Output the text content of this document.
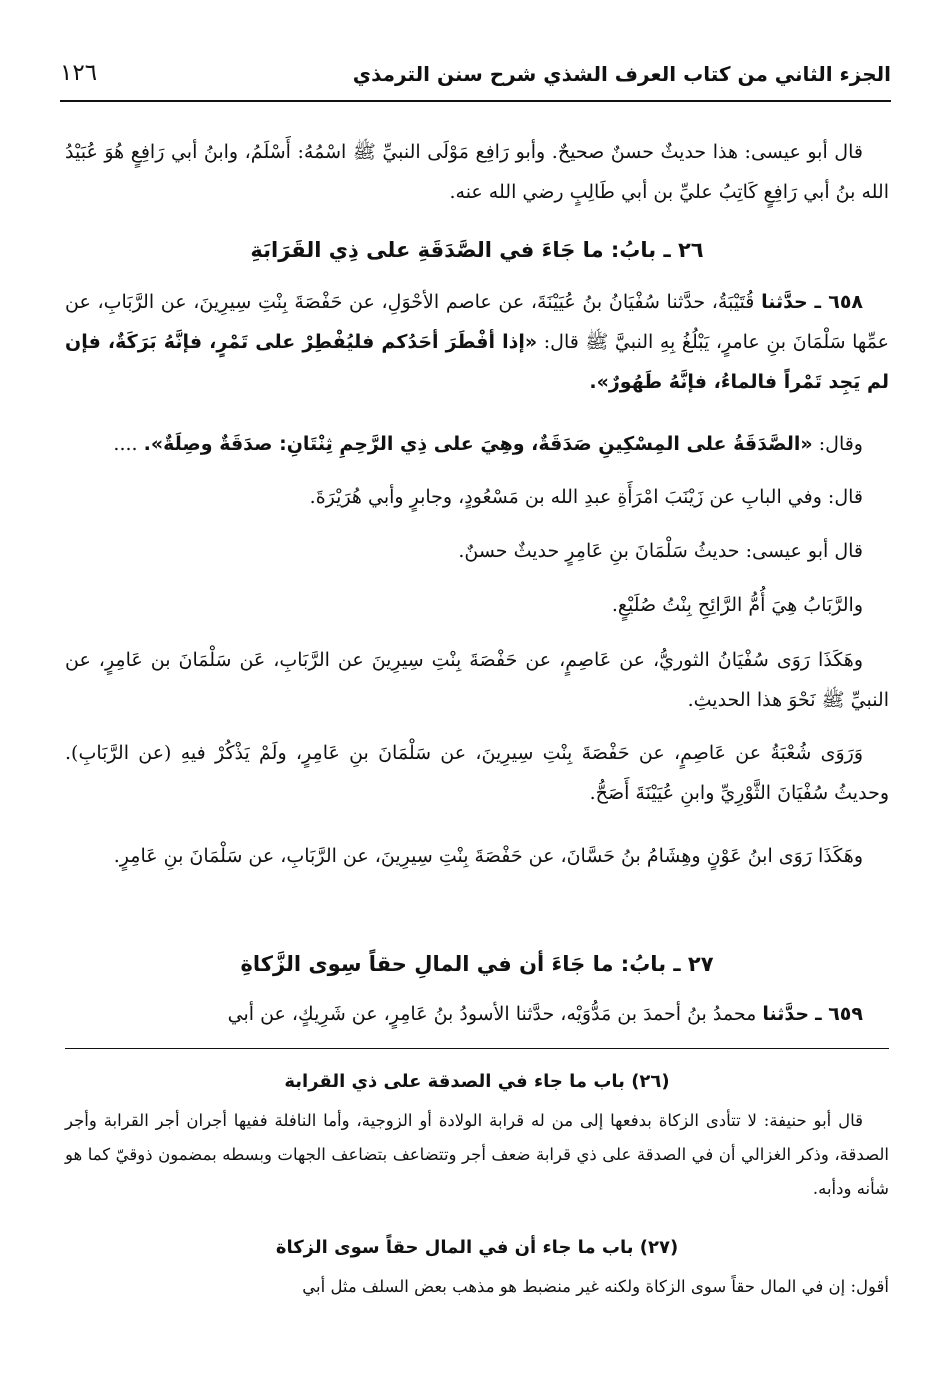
الجزء الثاني من كتاب العرف الشذي شرح سنن الترمذي
١٢٦
قال أبو عيسى: هذا حديثٌ حسنٌ صحيحٌ. وأبو رَافِع مَوْلَى النبيِّ ﷺ اسْمُهُ: أَسْلَمُ، وابنُ أبي رَافِعٍ هُوَ عُبَيْدُ الله بنُ أبي رَافِعٍ كَاتِبُ عليِّ بن أبي طَالِبٍ رضي الله عنه.
٢٦ ـ بابُ: ما جَاءَ في الصَّدَقَةِ على ذِي القَرَابَةِ
٦٥٨ ـ حدَّثنا قُتَيْبَةُ، حدَّثنا سُفْيَانُ بنُ عُيَيْنَةَ، عن عاصم الأحْوَلِ، عن حَفْصَةَ بِنْتِ سِيرِينَ، عن الرَّبَابِ، عن عمِّها سَلْمَانَ بنِ عامرٍ، يَبْلُغُ بِهِ النبيَّ ﷺ قال: «إذا أفْطَرَ أحَدُكم فليُفْطِرْ على تَمْرٍ، فإنَّهُ بَرَكَةٌ، فإن لم يَجِد تَمْراً فالماءُ، فإنَّهُ طَهُورٌ».
وقال: «الصَّدَقَةُ على المِسْكِينِ صَدَقَةٌ، وهِيَ على ذِي الرَّحِمِ ثِنْتَانِ: صدَقَةٌ وصِلَةٌ». ....
قال: وفي البابِ عن زَيْنَبَ امْرَأَةِ عبدِ الله بن مَسْعُودٍ، وجابرٍ وأبي هُرَيْرَةَ.
قال أبو عيسى: حديثُ سَلْمَانَ بنِ عَامِرٍ حديثٌ حسنٌ.
والرَّبَابُ هِيَ أُمُّ الرَّائِحِ بِنْتُ صُلَيْعٍ.
وهَكَذَا رَوَى سُفْيَانُ الثوريُّ، عن عَاصِمٍ، عن حَفْصَةَ بِنْتِ سِيرِينَ عن الرَّبَابِ، عَن سَلْمَانَ بن عَامِرٍ، عن النبيِّ ﷺ نَحْوَ هذا الحديثِ.
وَرَوَى شُعْبَةُ عن عَاصِمٍ، عن حَفْصَةَ بِنْتِ سِيرِينَ، عن سَلْمَانَ بنِ عَامِرٍ، ولَمْ يَذْكُرْ فيهِ (عن الرَّبَابِ). وحديثُ سُفْيَانَ الثَّوْرِيِّ وابنِ عُيَيْنَةَ أَصَحُّ.
وهَكَذَا رَوَى ابنُ عَوْنٍ وهِشَامُ بنُ حَسَّانَ، عن حَفْصَةَ بِنْتِ سِيرِينَ، عن الرَّبَابِ، عن سَلْمَانَ بنِ عَامِرٍ.
٢٧ ـ بابُ: ما جَاءَ أن في المالِ حقاً سِوى الزَّكاةِ
٦٥٩ ـ حدَّثنا محمدُ بنُ أحمدَ بن مَدُّوَيْه، حدَّثنا الأسودُ بنُ عَامِرٍ، عن شَرِيكٍ، عن أبي
(٢٦) باب ما جاء في الصدقة على ذي القرابة
قال أبو حنيفة: لا تتأدى الزكاة بدفعها إلى من له قرابة الولادة أو الزوجية، وأما النافلة ففيها أجران أجر القرابة وأجر الصدقة، وذكر الغزالي أن في الصدقة على ذي قرابة ضعف أجر وتتضاعف بتضاعف الجهات وبسطه بمضمون ذوقيّ كما هو شأنه ودأبه.
(٢٧) باب ما جاء أن في المال حقاً سوى الزكاة
أقول: إن في المال حقاً سوى الزكاة ولكنه غير منضبط هو مذهب بعض السلف مثل أبي
